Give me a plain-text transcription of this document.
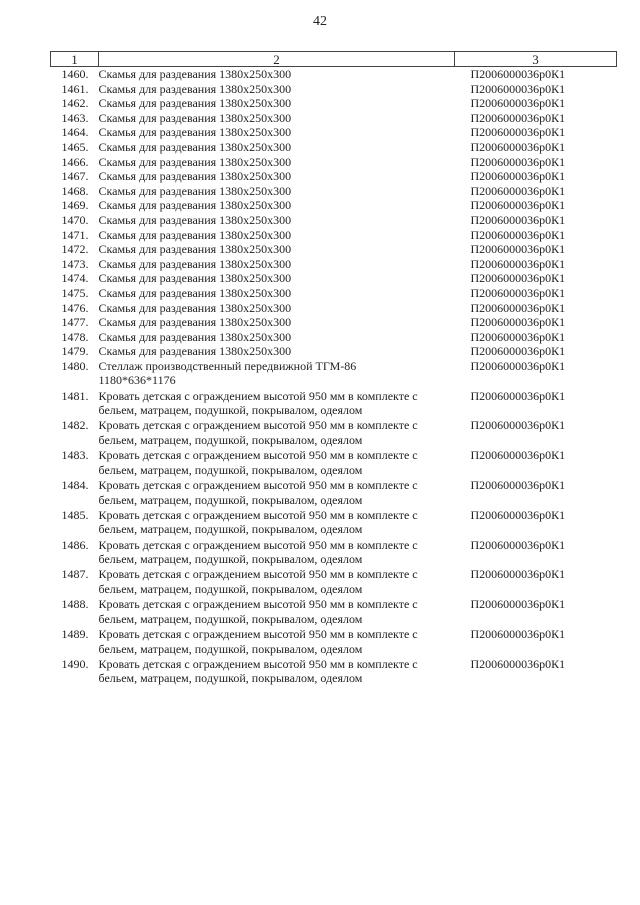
42
1	2	3
1460.	Скамья для раздевания 1380x250x300	П2006000036р0К1
1461.	Скамья для раздевания 1380x250x300	П2006000036р0К1
1462.	Скамья для раздевания 1380x250x300	П2006000036р0К1
1463.	Скамья для раздевания 1380x250x300	П2006000036р0К1
1464.	Скамья для раздевания 1380x250x300	П2006000036р0К1
1465.	Скамья для раздевания 1380x250x300	П2006000036р0К1
1466.	Скамья для раздевания 1380x250x300	П2006000036р0К1
1467.	Скамья для раздевания 1380x250x300	П2006000036р0К1
1468.	Скамья для раздевания 1380x250x300	П2006000036р0К1
1469.	Скамья для раздевания 1380x250x300	П2006000036р0К1
1470.	Скамья для раздевания 1380x250x300	П2006000036р0К1
1471.	Скамья для раздевания 1380x250x300	П2006000036р0К1
1472.	Скамья для раздевания 1380x250x300	П2006000036р0К1
1473.	Скамья для раздевания 1380x250x300	П2006000036р0К1
1474.	Скамья для раздевания 1380x250x300	П2006000036р0К1
1475.	Скамья для раздевания 1380x250x300	П2006000036р0К1
1476.	Скамья для раздевания 1380x250x300	П2006000036р0К1
1477.	Скамья для раздевания 1380x250x300	П2006000036р0К1
1478.	Скамья для раздевания 1380x250x300	П2006000036р0К1
1479.	Скамья для раздевания 1380x250x300	П2006000036р0К1
1480.	Стеллаж производственный передвижной ТГМ-86 1180*636*1176	П2006000036р0К1
1481.	Кровать детская с ограждением высотой 950 мм в комплекте с бельем, матрацем, подушкой, покрывалом, одеялом	П2006000036р0К1
1482.	Кровать детская с ограждением высотой 950 мм в комплекте с бельем, матрацем, подушкой, покрывалом, одеялом	П2006000036р0К1
1483.	Кровать детская с ограждением высотой 950 мм в комплекте с бельем, матрацем, подушкой, покрывалом, одеялом	П2006000036р0К1
1484.	Кровать детская с ограждением высотой 950 мм в комплекте с бельем, матрацем, подушкой, покрывалом, одеялом	П2006000036р0К1
1485.	Кровать детская с ограждением высотой 950 мм в комплекте с бельем, матрацем, подушкой, покрывалом, одеялом	П2006000036р0К1
1486.	Кровать детская с ограждением высотой 950 мм в комплекте с бельем, матрацем, подушкой, покрывалом, одеялом	П2006000036р0К1
1487.	Кровать детская с ограждением высотой 950 мм в комплекте с бельем, матрацем, подушкой, покрывалом, одеялом	П2006000036р0К1
1488.	Кровать детская с ограждением высотой 950 мм в комплекте с бельем, матрацем, подушкой, покрывалом, одеялом	П2006000036р0К1
1489.	Кровать детская с ограждением высотой 950 мм в комплекте с бельем, матрацем, подушкой, покрывалом, одеялом	П2006000036р0К1
1490.	Кровать детская с ограждением высотой 950 мм в комплекте с бельем, матрацем, подушкой, покрывалом, одеялом	П2006000036р0К1
